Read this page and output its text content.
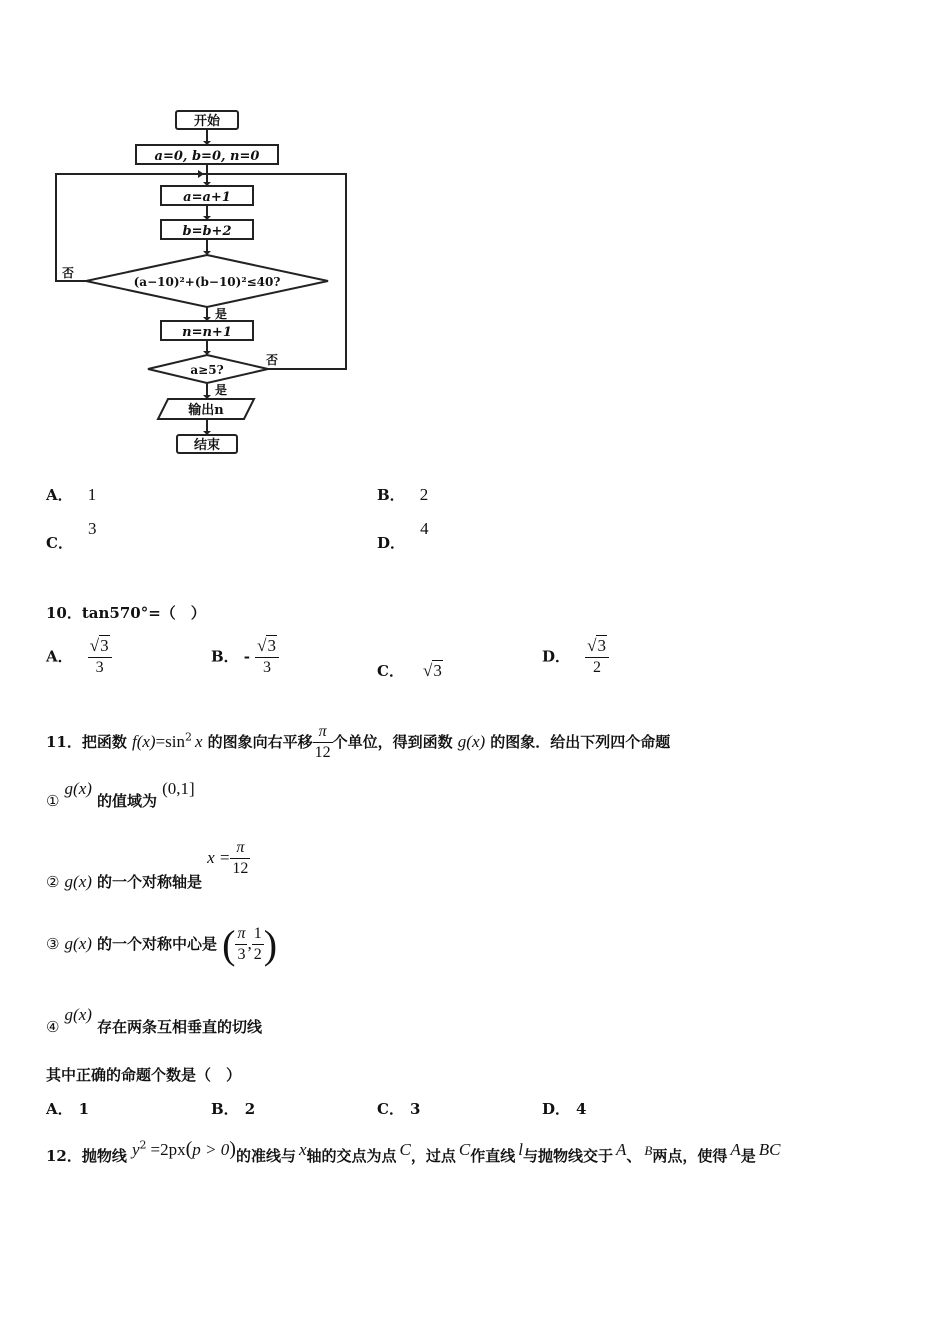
开始
a=0, b=0, n=0
a=a+1
b=b+2
(a−10)²+(b−10)²≤40?
否
是
n=n+1
a≥5?
否
是
输出n
结束
A． 1	B． 2
C． 3
D． 4
10．tan570°=（　）
A． $\frac{√3}{3}$	B． - $\frac{√3}{3}$	C． √3
D． $\frac{√3}{2}$
11．把函数 $f(x)=\sin^2$ x 的图象向右平移 $\frac{\pi}{12}$ 个单位，得到函数 g(x) 的图象．给出下列四个命题
① g(x) 的值域为 (0,1]
② g(x) 的一个对称轴是 $x = \frac{\pi}{12}$
③ g(x) 的一个对称中心是 ( $\frac{\pi}{3}$ , $\frac{1}{2}$ )
④ g(x) 存在两条互相垂直的切线
其中正确的命题个数是（　）
A． 1	B． 2	C． 3	D． 4
12．抛物线 $y^2 =2px(p > 0)$的准线与 x轴的交点为点 C，过点 C作直线 l与抛物线交于 A、 B两点，使得 A是 BC
